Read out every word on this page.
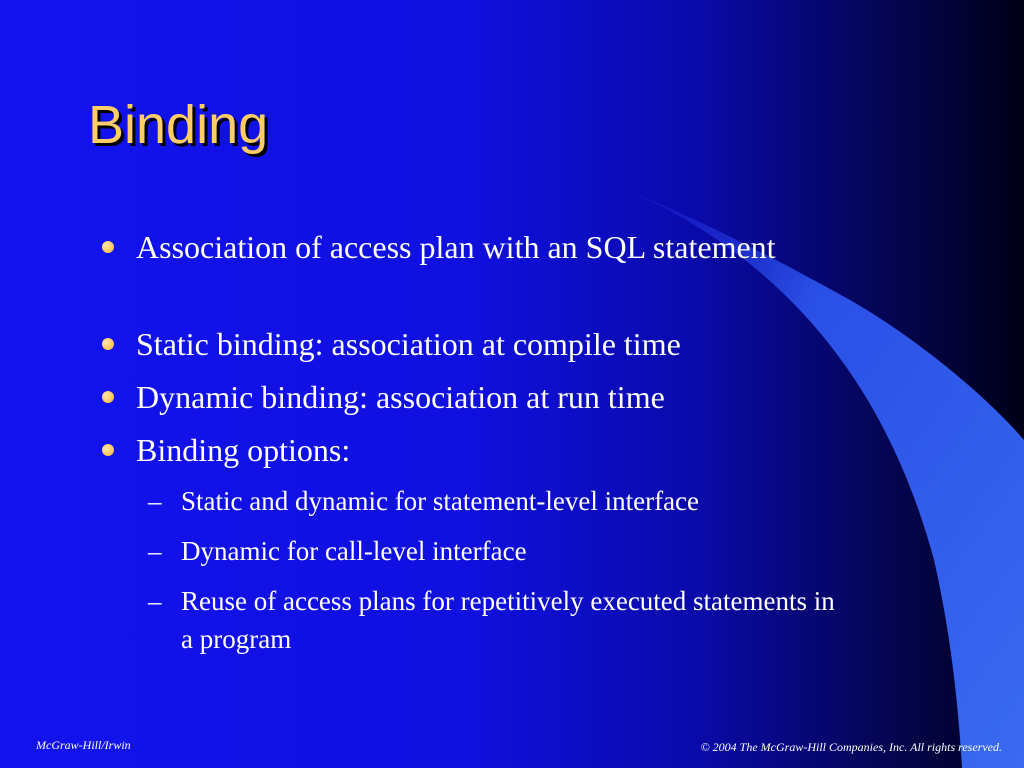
Binding
Association of access plan with an SQL statement
Static binding: association at compile time
Dynamic binding: association at run time
Binding options:
– Static and dynamic for statement-level interface
– Dynamic for call-level interface
– Reuse of access plans for repetitively executed statements in a program

McGraw-Hill/Irwin	© 2004 The McGraw-Hill Companies, Inc. All rights reserved.
